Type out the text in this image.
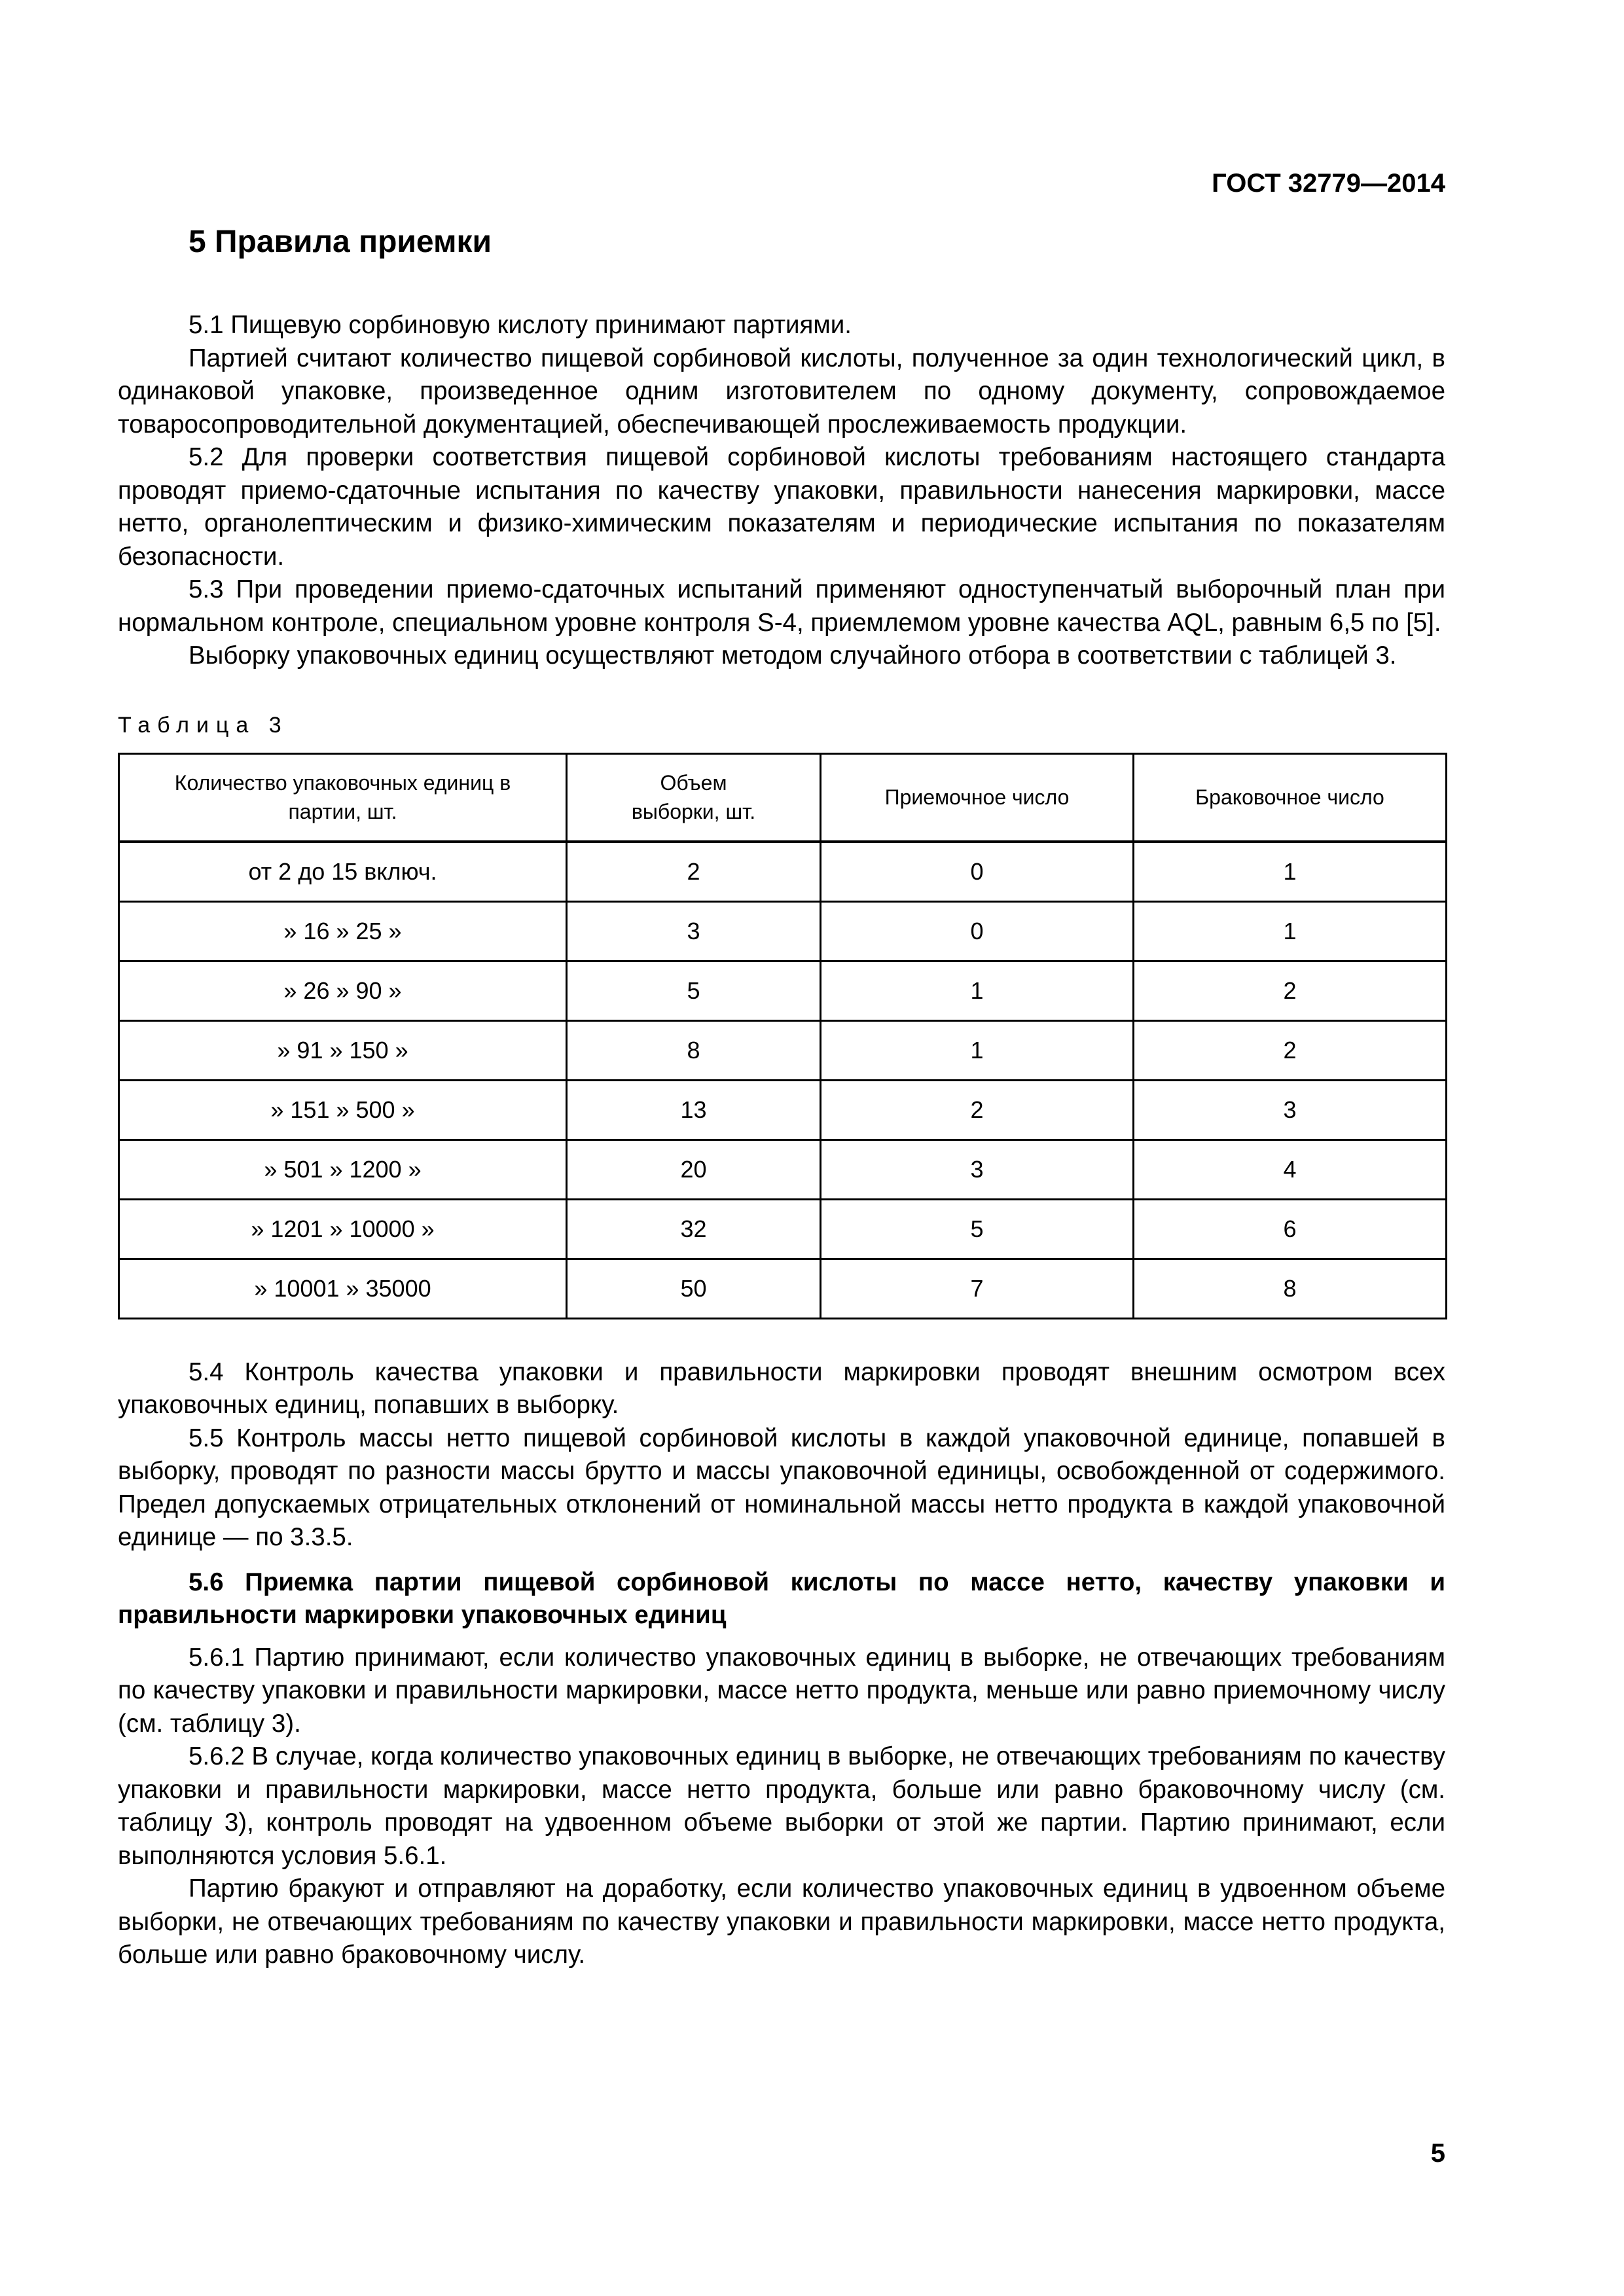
ГОСТ 32779—2014
5 Правила приемки

5.1 Пищевую сорбиновую кислоту принимают партиями.

Партией считают количество пищевой сорбиновой кислоты, полученное за один технологический цикл, в одинаковой упаковке, произведенное одним изготовителем по одному документу, сопровождаемое товаросопроводительной документацией, обеспечивающей прослеживаемость продукции.

5.2 Для проверки соответствия пищевой сорбиновой кислоты требованиям настоящего стандарта проводят приемо-сдаточные испытания по качеству упаковки, правильности нанесения маркировки, массе нетто, органолептическим и физико-химическим показателям и периодические испытания по показателям безопасности.

5.3 При проведении приемо-сдаточных испытаний применяют одноступенчатый выборочный план при нормальном контроле, специальном уровне контроля S-4, приемлемом уровне качества AQL, равным 6,5 по [5].

Выборку упаковочных единиц осуществляют методом случайного отбора в соответствии с таблицей 3.

Таблица 3
Количество упаковочных единиц в партии, шт.	Объем выборки, шт.	Приемочное число	Браковочное число
от 2 до 15 включ.	2	0	1
» 16 » 25 »	3	0	1
» 26 » 90 »	5	1	2
» 91 » 150 »	8	1	2
» 151 » 500 »	13	2	3
» 501 » 1200 »	20	3	4
» 1201 » 10000 »	32	5	6
» 10001 » 35000	50	7	8

5.4 Контроль качества упаковки и правильности маркировки проводят внешним осмотром всех упаковочных единиц, попавших в выборку.

5.5 Контроль массы нетто пищевой сорбиновой кислоты в каждой упаковочной единице, попавшей в выборку, проводят по разности массы брутто и массы упаковочной единицы, освобожденной от содержимого. Предел допускаемых отрицательных отклонений от номинальной массы нетто продукта в каждой упаковочной единице — по 3.3.5.

5.6 Приемка партии пищевой сорбиновой кислоты по массе нетто, качеству упаковки и правильности маркировки упаковочных единиц

5.6.1 Партию принимают, если количество упаковочных единиц в выборке, не отвечающих требованиям по качеству упаковки и правильности маркировки, массе нетто продукта, меньше или равно приемочному числу (см. таблицу 3).

5.6.2 В случае, когда количество упаковочных единиц в выборке, не отвечающих требованиям по качеству упаковки и правильности маркировки, массе нетто продукта, больше или равно браковочному числу (см. таблицу 3), контроль проводят на удвоенном объеме выборки от этой же партии. Партию принимают, если выполняются условия 5.6.1.

Партию бракуют и отправляют на доработку, если количество упаковочных единиц в удвоенном объеме выборки, не отвечающих требованиям по качеству упаковки и правильности маркировки, массе нетто продукта, больше или равно браковочному числу.

5
